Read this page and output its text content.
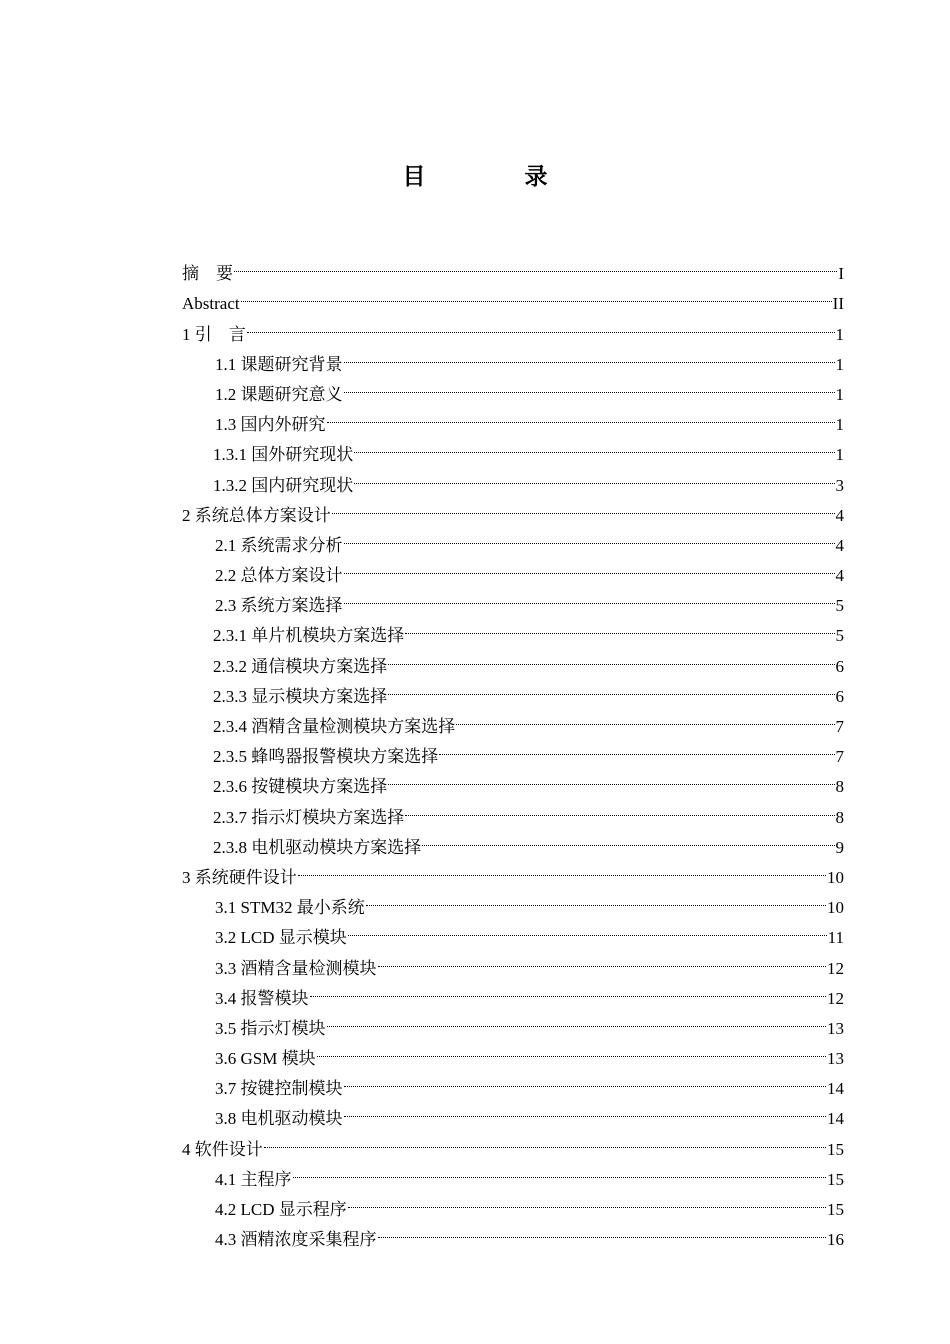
目　录
摘　要	I
Abstract	II
1 引　言	1
1.1 课题研究背景	1
1.2 课题研究意义	1
1.3 国内外研究	1
1.3.1 国外研究现状	1
1.3.2 国内研究现状	3
2 系统总体方案设计	4
2.1 系统需求分析	4
2.2 总体方案设计	4
2.3 系统方案选择	5
2.3.1 单片机模块方案选择	5
2.3.2 通信模块方案选择	6
2.3.3 显示模块方案选择	6
2.3.4 酒精含量检测模块方案选择	7
2.3.5 蜂鸣器报警模块方案选择	7
2.3.6 按键模块方案选择	8
2.3.7 指示灯模块方案选择	8
2.3.8 电机驱动模块方案选择	9
3 系统硬件设计	10
3.1 STM32 最小系统	10
3.2 LCD 显示模块	11
3.3 酒精含量检测模块	12
3.4 报警模块	12
3.5 指示灯模块	13
3.6 GSM 模块	13
3.7 按键控制模块	14
3.8 电机驱动模块	14
4 软件设计	15
4.1 主程序	15
4.2 LCD 显示程序	15
4.3 酒精浓度采集程序	16
